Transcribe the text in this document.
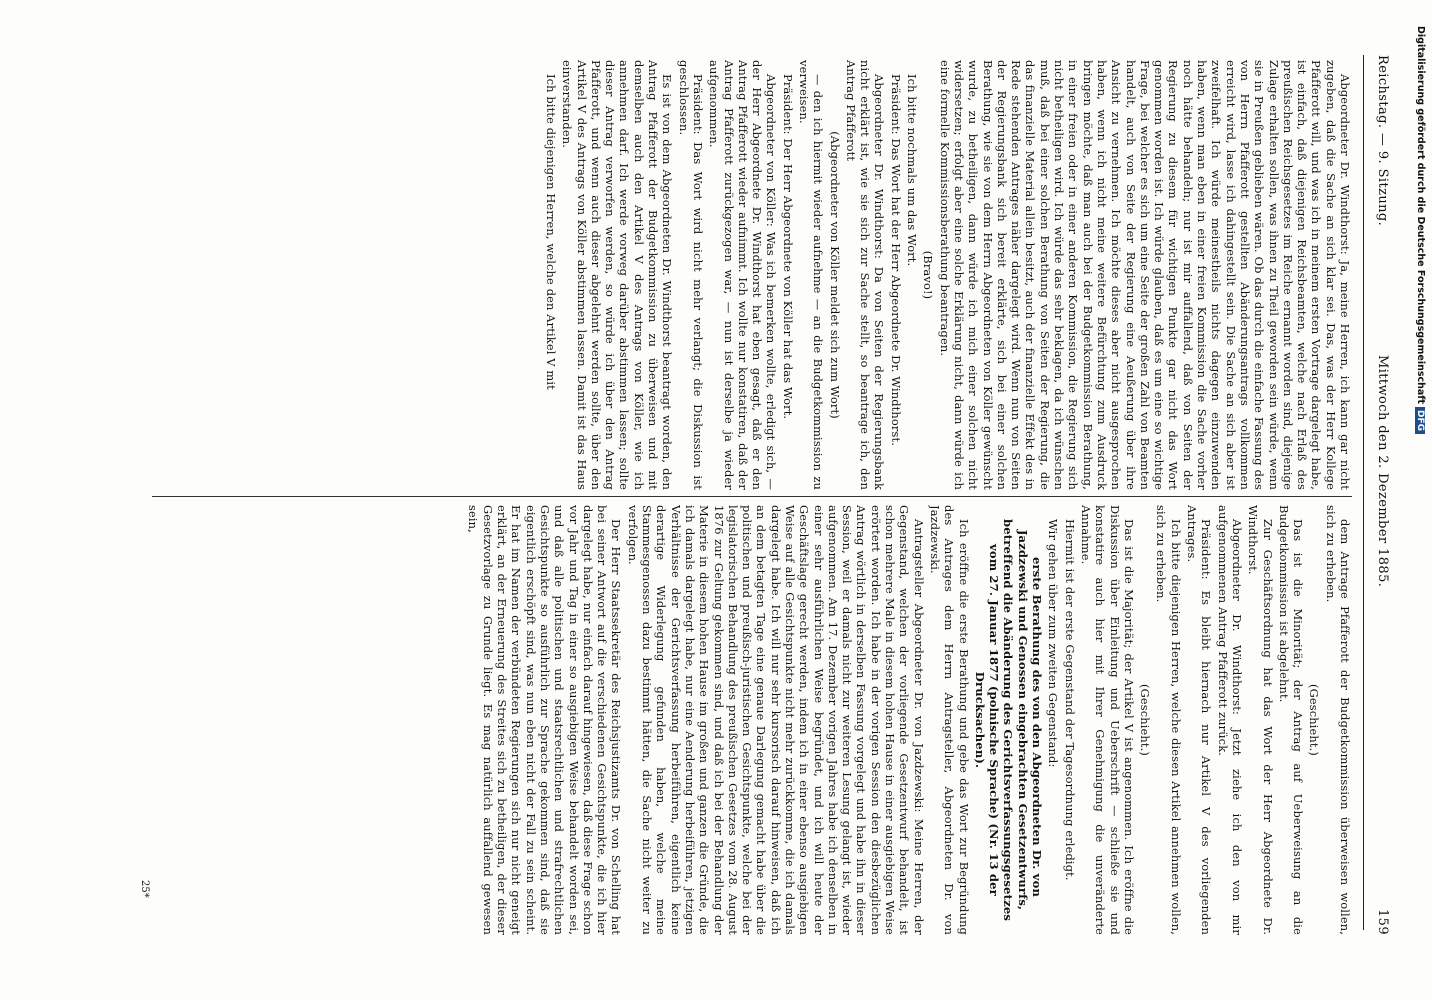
Reichstag. — 9. Sitzung.
Mittwoch den 2. Dezember 1885.
159

Abgeordneter Dr. Windthorst: Ja, meine Herren, ich kann gar nicht zugeben, daß die Sache an sich klar sei. Das, was der Herr Kollege Pfafferott will, und was ich in meinem ersten Vortrage dargelegt habe, ist einfach, daß diejenigen Reichsbeamten, welche nach Erlaß des preußischen Reichsgesetzes im Reiche ernannt worden sind, diejenige Zulage erhalten sollen, was ihnen zu Theil geworden sein würde, wenn sie in Preußen geblieben wären. Ob das durch die einfache Fassung des von Herrn Pfafferott gestellten Abänderungsantrags vollkommen erreicht wird, lasse ich dahingestellt sein. Die Sache an sich aber ist zweifelhaft. Ich würde meinestheils nichts dagegen einzuwenden haben, wenn man eben in einer freien Kommission die Sache vorher noch hätte behandeln; nur ist mir auffallend, daß von Seiten der Regierung zu diesem für wichtigen Punkte gar nicht das Wort genommen worden ist. Ich würde glauben, daß es um eine so wichtige Frage, bei welcher es sich um eine Seite der großen Zahl von Beamten handelt, auch von Seite der Regierung eine Aeußerung über ihre Ansicht zu vernehmen. Ich möchte dieses aber nicht ausgesprochen haben, wenn ich nicht meine weitere Befürchtung zum Ausdruck bringen möchte, daß man auch bei der Budgetkommission Berathung, in einer freien oder in einer anderen Kommission, die Regierung sich nicht betheiligen wird. Ich würde das sehr beklagen, da ich wünschen muß, daß bei einer solchen Berathung von Seiten der Regierung, die das finanzielle Material allein besitzt, auch der finanzielle Effekt des in Rede stehenden Antrages näher dargelegt wird. Wenn nun von Seiten der Regierungsbank sich bereit erklärte, sich bei einer solchen Berathung, wie sie von dem Herrn Abgeordneten von Köller gewünscht wurde, zu betheiligen, dann würde ich mich einer solchen nicht widersetzen; erfolgt aber eine solche Erklärung nicht, dann würde ich eine formelle Kommissionsberathung beantragen.

(Bravo!)

Ich bitte nochmals um das Wort.

Präsident: Das Wort hat der Herr Abgeordnete Dr. Windthorst.

Abgeordneter Dr. Windthorst: Da von Seiten der Regierungsbank nicht erklärt ist, wie sie sich zur Sache stellt, so beantrage ich, den Antrag Pfafferott

(Abgeordneter von Köller meldet sich zum Wort)

— den ich hiermit wieder aufnehme — an die Budgetkommission zu verweisen.

Präsident: Der Herr Abgeordnete von Köller hat das Wort.

Abgeordneter von Köller: Was ich bemerken wollte, erledigt sich, — der Herr Abgeordnete Dr. Windthorst hat eben gesagt, daß er den Antrag Pfafferott wieder aufnimmt. Ich wollte nur konstatiren, daß der Antrag Pfafferott zurückgezogen war, — nun ist derselbe ja wieder aufgenommen.

Präsident: Das Wort wird nicht mehr verlangt; die Diskussion ist geschlossen.

Es ist von dem Abgeordneten Dr. Windthorst beantragt worden, den Antrag Pfafferott der Budgetkommission zu überweisen und mit demselben auch den Artikel V des Antrags von Köller, wie ich annehmen darf. Ich werde vorweg darüber abstimmen lassen; sollte dieser Antrag verworfen werden, so würde ich über den Antrag Pfafferott, und wenn auch dieser abgelehnt werden sollte, über den Artikel V des Antrags von Köller abstimmen lassen. Damit ist das Haus einverstanden.

Ich bitte diejenigen Herren, welche den Artikel V mit

dem Antrage Pfafferott der Budgetkommission überweisen wollen, sich zu erheben.

(Geschieht.)

Das ist die Minorität; der Antrag auf Ueberweisung an die Budgetkommission ist abgelehnt.

Zur Geschäftsordnung hat das Wort der Herr Abgeordnete Dr. Windthorst.

Abgeordneter Dr. Windthorst: Jetzt ziehe ich den von mir aufgenommenen Antrag Pfafferott zurück.

Präsident: Es bleibt hiernach nur Artikel V des vorliegenden Antrages.

Ich bitte diejenigen Herren, welche diesen Artikel annehmen wollen, sich zu erheben.

(Geschieht.)

Das ist die Majorität; der Artikel V ist angenommen. Ich eröffne die Diskussion über Einleitung und Ueberschrift — schließe sie und konstatire auch hier mit Ihrer Genehmigung die unveränderte Annahme.

Hiermit ist der erste Gegenstand der Tagesordnung erledigt.

Wir gehen über zum zweiten Gegenstand:

erste Berathung des von den Abgeordneten Dr. von Jazdzewski und Genossen eingebrachten Gesetzentwurfs, betreffend die Abänderung des Gerichtsverfassungsgesetzes vom 27. Januar 1877 (polnische Sprache) (Nr. 13 der Drucksachen).

Ich eröffne die erste Berathung und gebe das Wort zur Begründung des Antrages dem Herrn Antragsteller, Abgeordneten Dr. von Jazdzewski.

Antragsteller Abgeordneter Dr. von Jazdzewski: Meine Herren, der Gegenstand, welchen der vorliegende Gesetzentwurf behandelt, ist schon mehrere Male in diesem hohen Hause in einer ausgiebigen Weise erörtert worden. Ich habe in der vorigen Session den diesbezüglichen Antrag wörtlich in derselben Fassung vorgelegt und habe ihn in dieser Session, weil er damals nicht zur weiteren Lesung gelangt ist, wieder aufgenommen. Am 17. Dezember vorigen Jahres habe ich denselben in einer sehr ausführlichen Weise begründet, und ich will heute der Geschäftslage gerecht werden, indem ich in einer ebenso ausgiebigen Weise auf alle Gesichtspunkte nicht mehr zurückkomme, die ich damals dargelegt habe. Ich will nur sehr kursorisch darauf hinweisen, daß ich an dem betagten Tage eine genaue Darlegung gemacht habe über die politischen und preußisch-juristischen Gesichtspunkte, welche bei der legislatorischen Behandlung des preußischen Gesetzes vom 28. August 1876 zur Geltung gekommen sind, und daß ich bei der Behandlung der Materie in diesem hohen Hause im großen und ganzen die Gründe, die ich damals dargelegt habe, nur eine Aenderung herbeiführen, jetzigen Verhältnisse der Gerichtsverfassung herbeiführen, eigentlich keine derartige Widerlegung gefunden haben, welche meine Stammesgenossen dazu bestimmt hätten, die Sache nicht weiter zu verfolgen.

Der Herr Staatssekretär des Reichsjustizamts Dr. von Schelling hat bei seiner Antwort auf die verschiedenen Gesichtspunkte, die ich hier dargelegt habe, nur einfach darauf hingewiesen, daß diese Frage schon vor Jahr und Tag in einer so ausgiebigen Weise behandelt worden sei, und daß alle politischen und staatsrechtlichen und strafrechtlichen Gesichtspunkte so ausführlich zur Sprache gekommen sind, daß sie eigentlich erschöpft sind, was nun eben nicht der Fall zu sein scheint. Er hat im Namen der verbündeten Regierungen sich nur nicht geneigt erklärt, an der Erneuerung des Streites sich zu betheiligen, der dieser Gesetzvorlage zu Grunde liegt. Es mag natürlich auffallend gewesen sein,

25*
Digitalisierung gefördert durch die Deutsche ForschungsgemeinschaftDFG
